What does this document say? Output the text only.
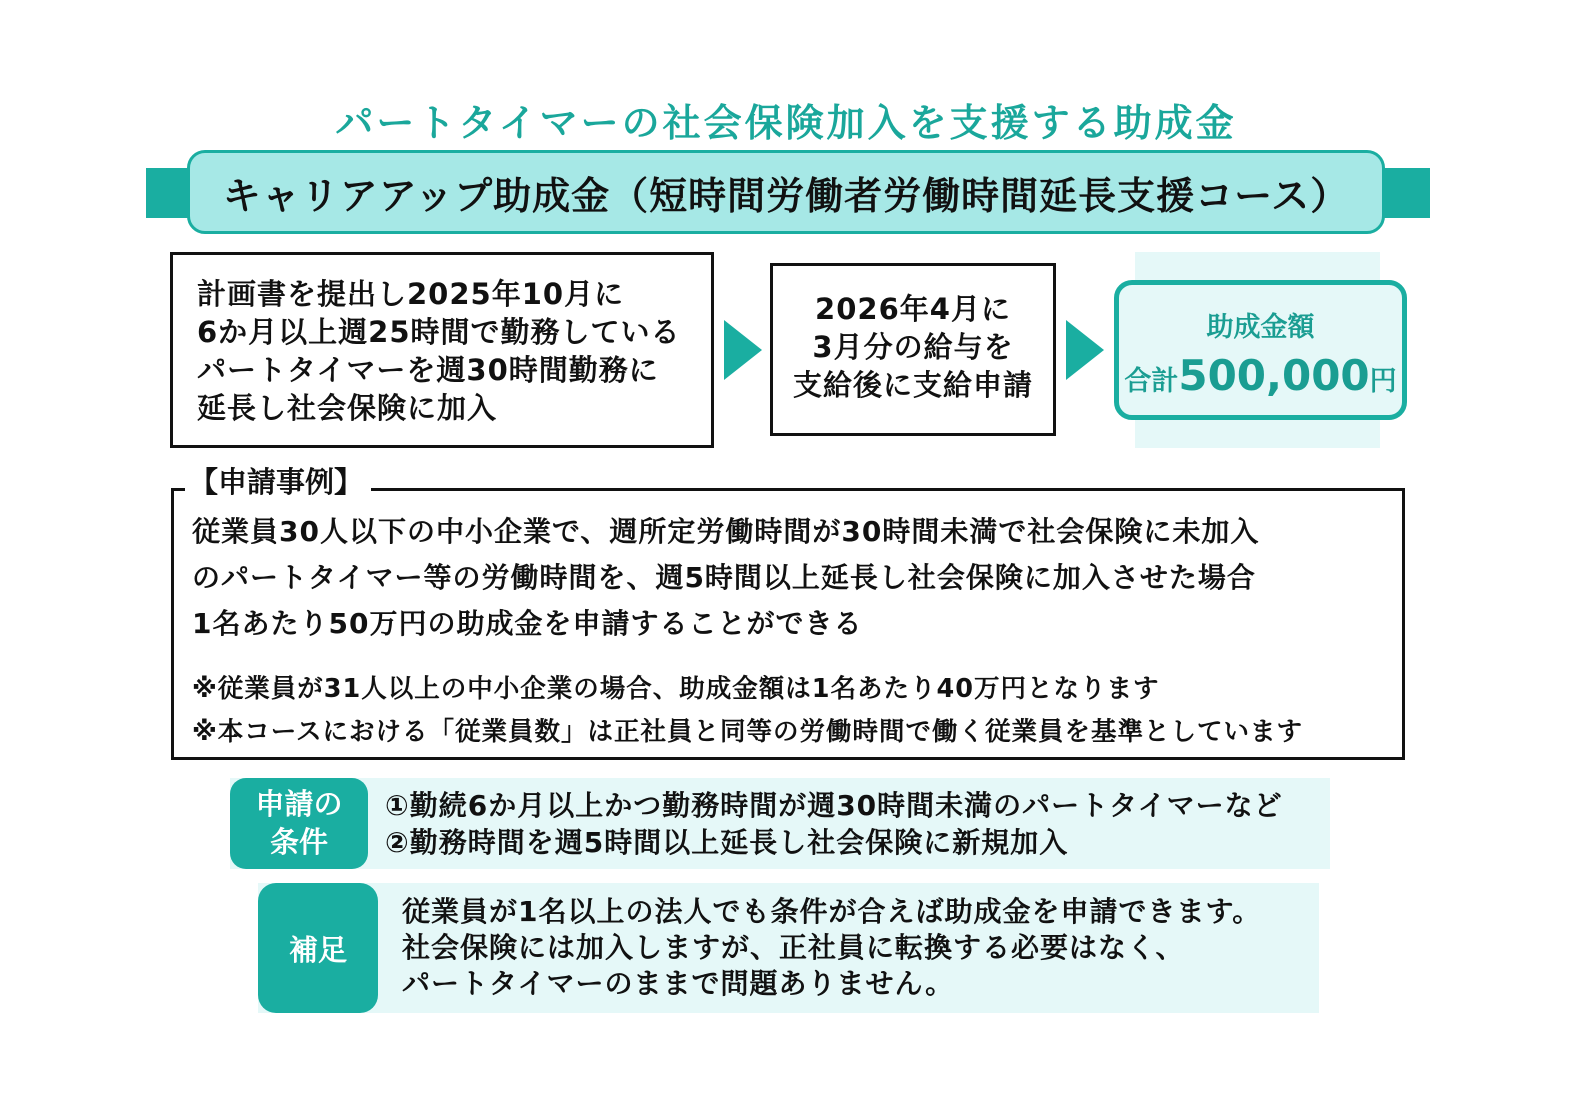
パートタイマーの社会保険加入を支援する助成金
キャリアアップ助成金（短時間労働者労働時間延長支援コース）
計画書を提出し2025年10月に
6か月以上週25時間で勤務している
パートタイマーを週30時間勤務に
延長し社会保険に加入
2026年4月に
3月分の給与を
支給後に支給申請
助成金額
合計500,000円
【申請事例】
従業員30人以下の中小企業で、週所定労働時間が30時間未満で社会保険に未加入
のパートタイマー等の労働時間を、週5時間以上延長し社会保険に加入させた場合
1名あたり50万円の助成金を申請することができる
※従業員が31人以上の中小企業の場合、助成金額は1名あたり40万円となります
※本コースにおける「従業員数」は正社員と同等の労働時間で働く従業員を基準としています
申請の
条件
①勤続6か月以上かつ勤務時間が週30時間未満のパートタイマーなど
②勤務時間を週5時間以上延長し社会保険に新規加入
補足
従業員が1名以上の法人でも条件が合えば助成金を申請できます。
社会保険には加入しますが、正社員に転換する必要はなく、
パートタイマーのままで問題ありません。
